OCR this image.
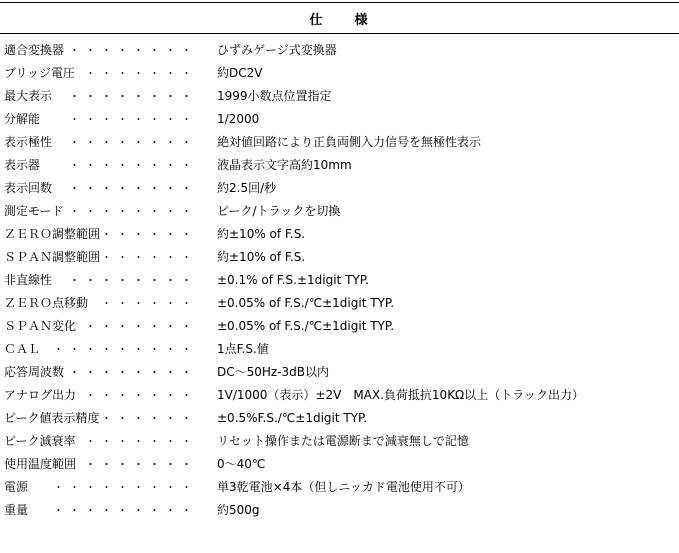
仕　　様
適合変換器 ・・・・・・・・ ひずみゲージ式変換器
ブリッジ電圧 ・・・・・・・ 約DC2V
最大表示 ・・・・・・・・ 1999小数点位置指定
分解能	・・・・・・・・ 1/2000
表示極性 ・・・・・・・・ 絶対値回路により正負両側入力信号を無極性表示
表示器	・・・・・・・・ 液晶表示文字高約10mm
表示回数 ・・・・・・・・ 約2.5回/秒
測定モード ・・・・・・・・ ピーク/トラックを切換
ＺＥＲＯ調整範囲 ・・・・・・ 約±10% of F.S.
ＳＰＡＮ調整範囲 ・・・・・・ 約±10% of F.S.
非直線性 ・・・・・・・・ ±0.1% of F.S.±1digit TYP.
ＺＥＲＯ点移動 ・・・・・・ ±0.05% of F.S./℃±1digit TYP.
ＳＰＡＮ変化 ・・・・・・・ ±0.05% of F.S./℃±1digit TYP.
ＣＡＬ ・・・・・・・・・ 1点F.S.値
応答周波数 ・・・・・・・・ DC～50Hz-3dB以内
アナログ出力 ・・・・・・・ 1V/1000（表示）±2V　MAX.負荷抵抗10KΩ以上（トラック出力）
ピーク値表示精度 ・・・・・・ ±0.5%F.S./℃±1digit TYP.
ピーク減衰率 ・・・・・・・ リセット操作または電源断まで減衰無しで記憶
使用温度範囲 ・・・・・・・ 0～40℃
電源 ・・・・・・・・・ 単3乾電池×4本（但しニッカド電池使用不可）
重量 ・・・・・・・・・ 約500g
